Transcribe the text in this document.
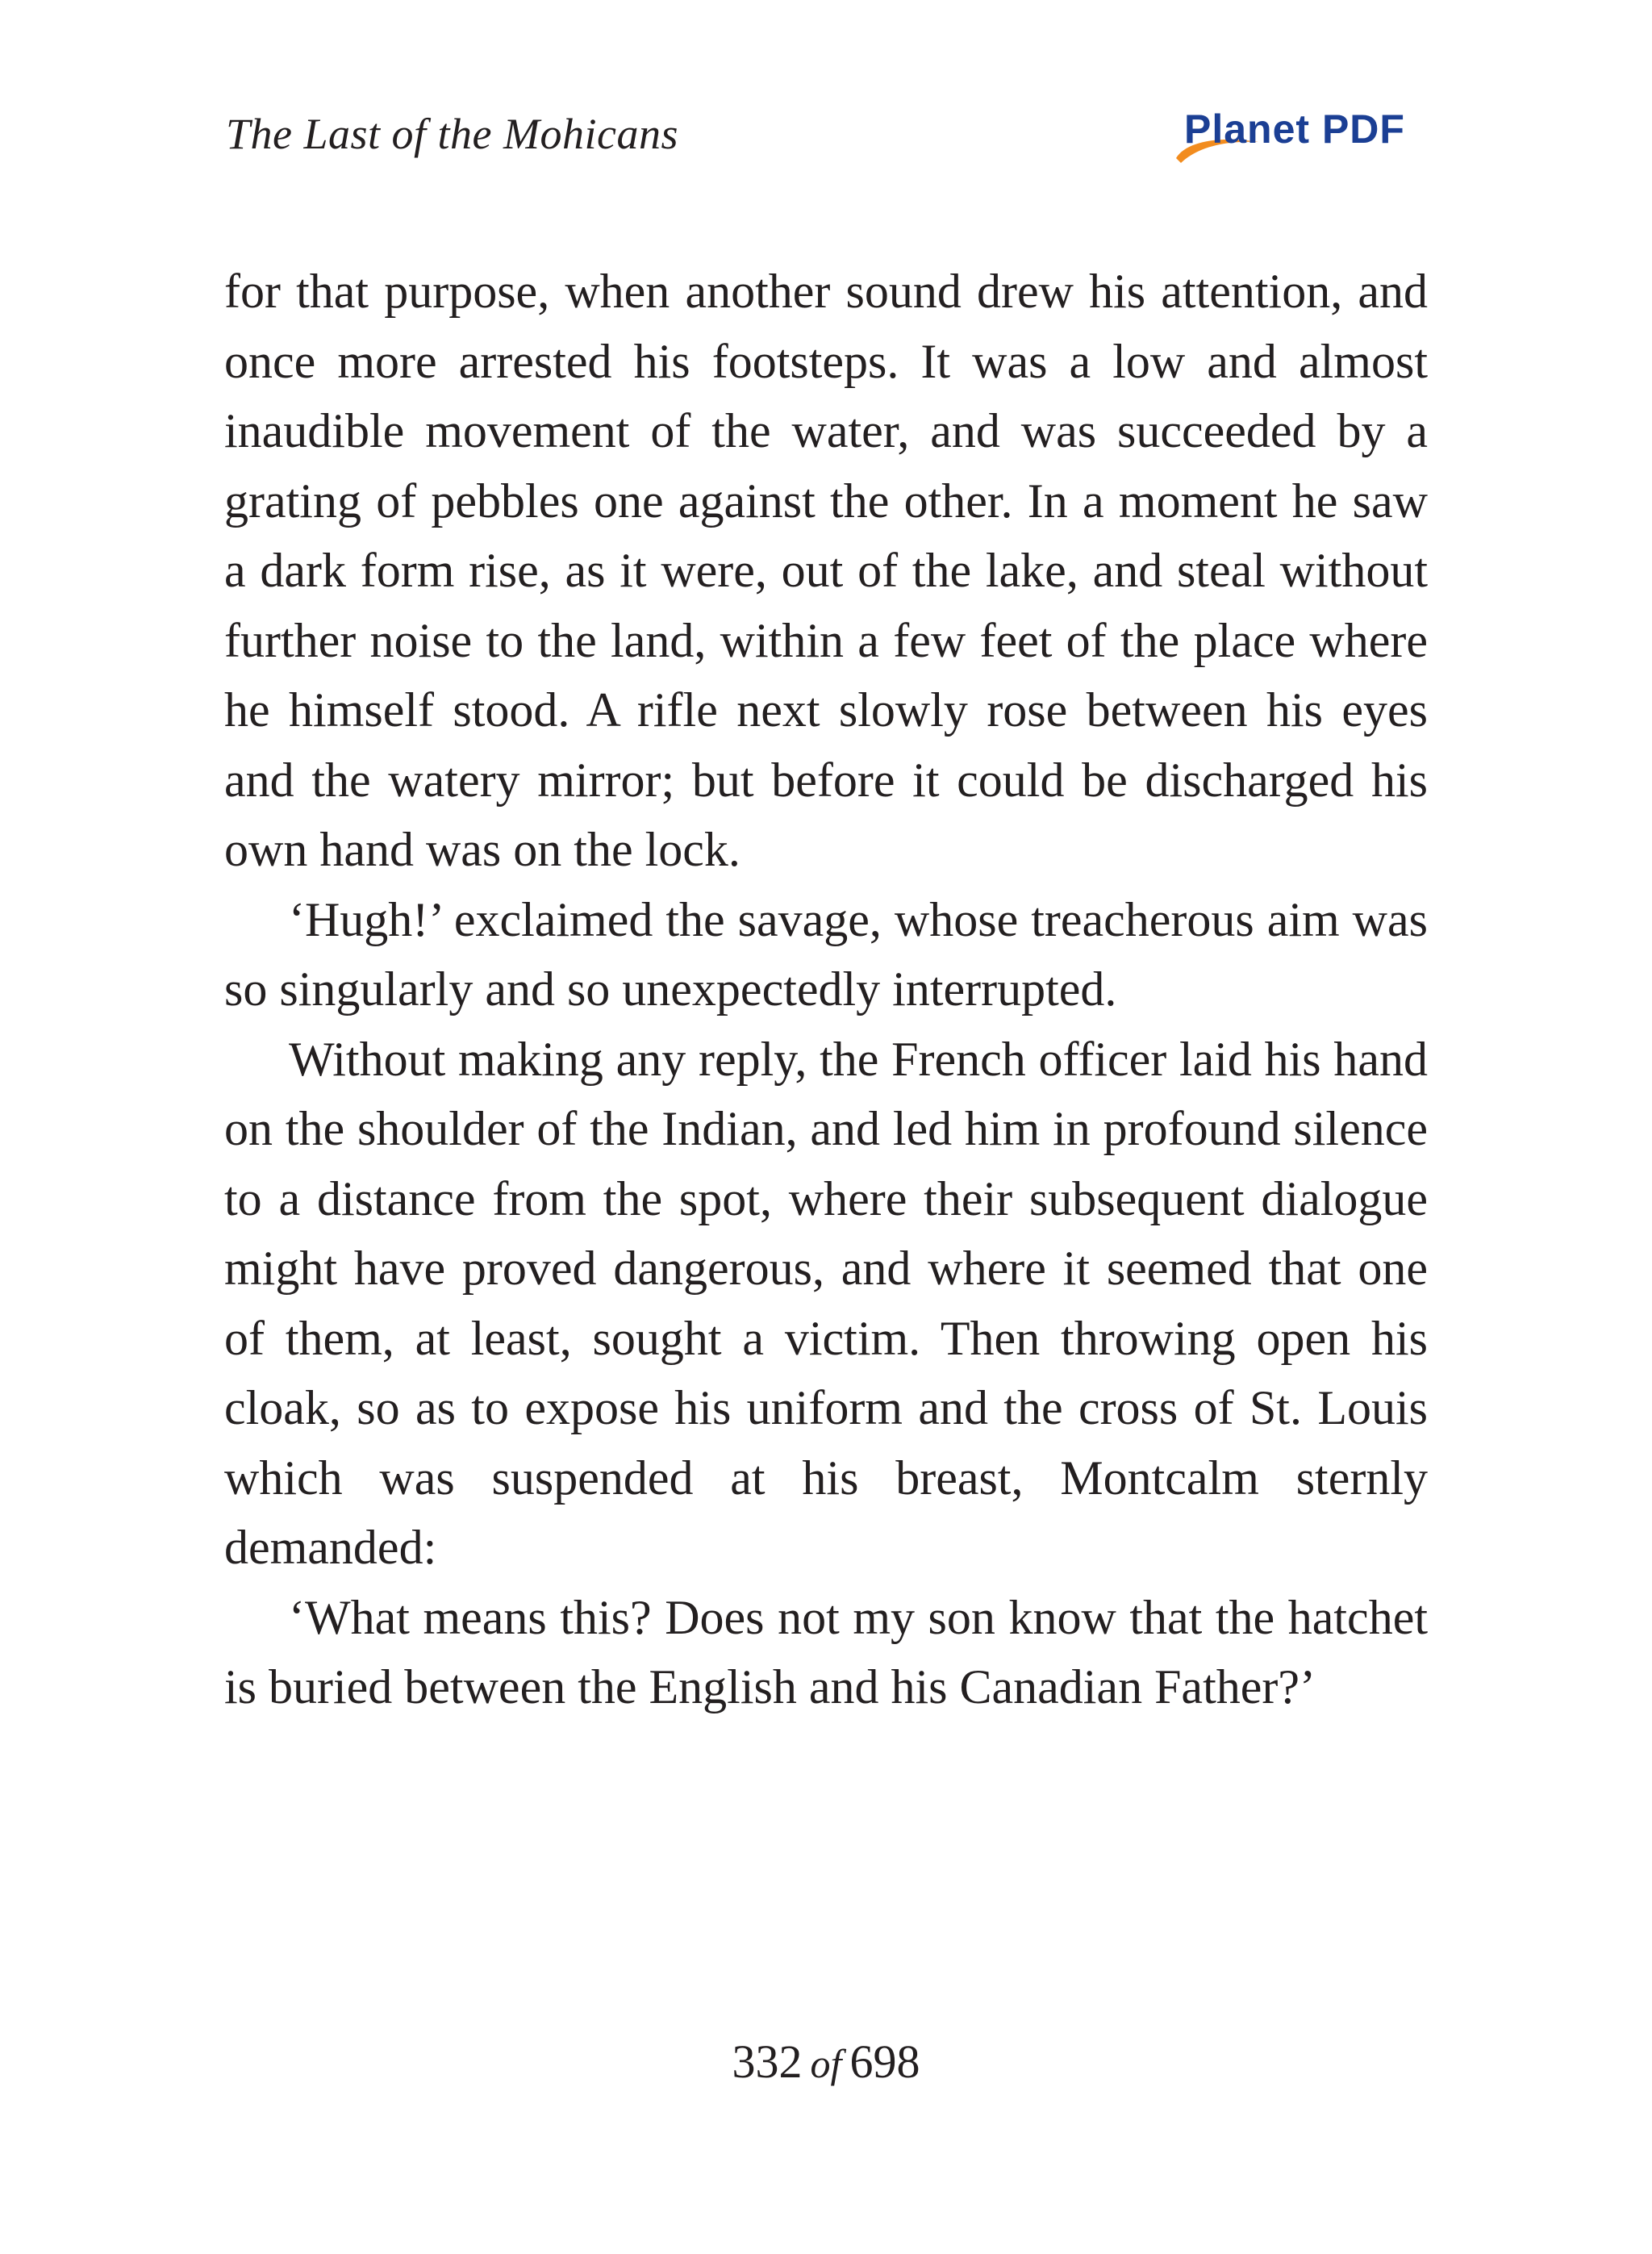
The Last of the Mohicans	Planet PDF

for that purpose, when another sound drew his attention, and once more arrested his footsteps. It was a low and almost inaudible movement of the water, and was succeeded by a grating of pebbles one against the other. In a moment he saw a dark form rise, as it were, out of the lake, and steal without further noise to the land, within a few feet of the place where he himself stood. A rifle next slowly rose between his eyes and the watery mirror; but before it could be discharged his own hand was on the lock.

‘Hugh!’ exclaimed the savage, whose treacherous aim was so singularly and so unexpectedly interrupted.

Without making any reply, the French officer laid his hand on the shoulder of the Indian, and led him in profound silence to a distance from the spot, where their subsequent dialogue might have proved dangerous, and where it seemed that one of them, at least, sought a victim. Then throwing open his cloak, so as to expose his uniform and the cross of St. Louis which was suspended at his breast, Montcalm sternly demanded:

‘What means this? Does not my son know that the hatchet is buried between the English and his Canadian Father?’

332 of 698
